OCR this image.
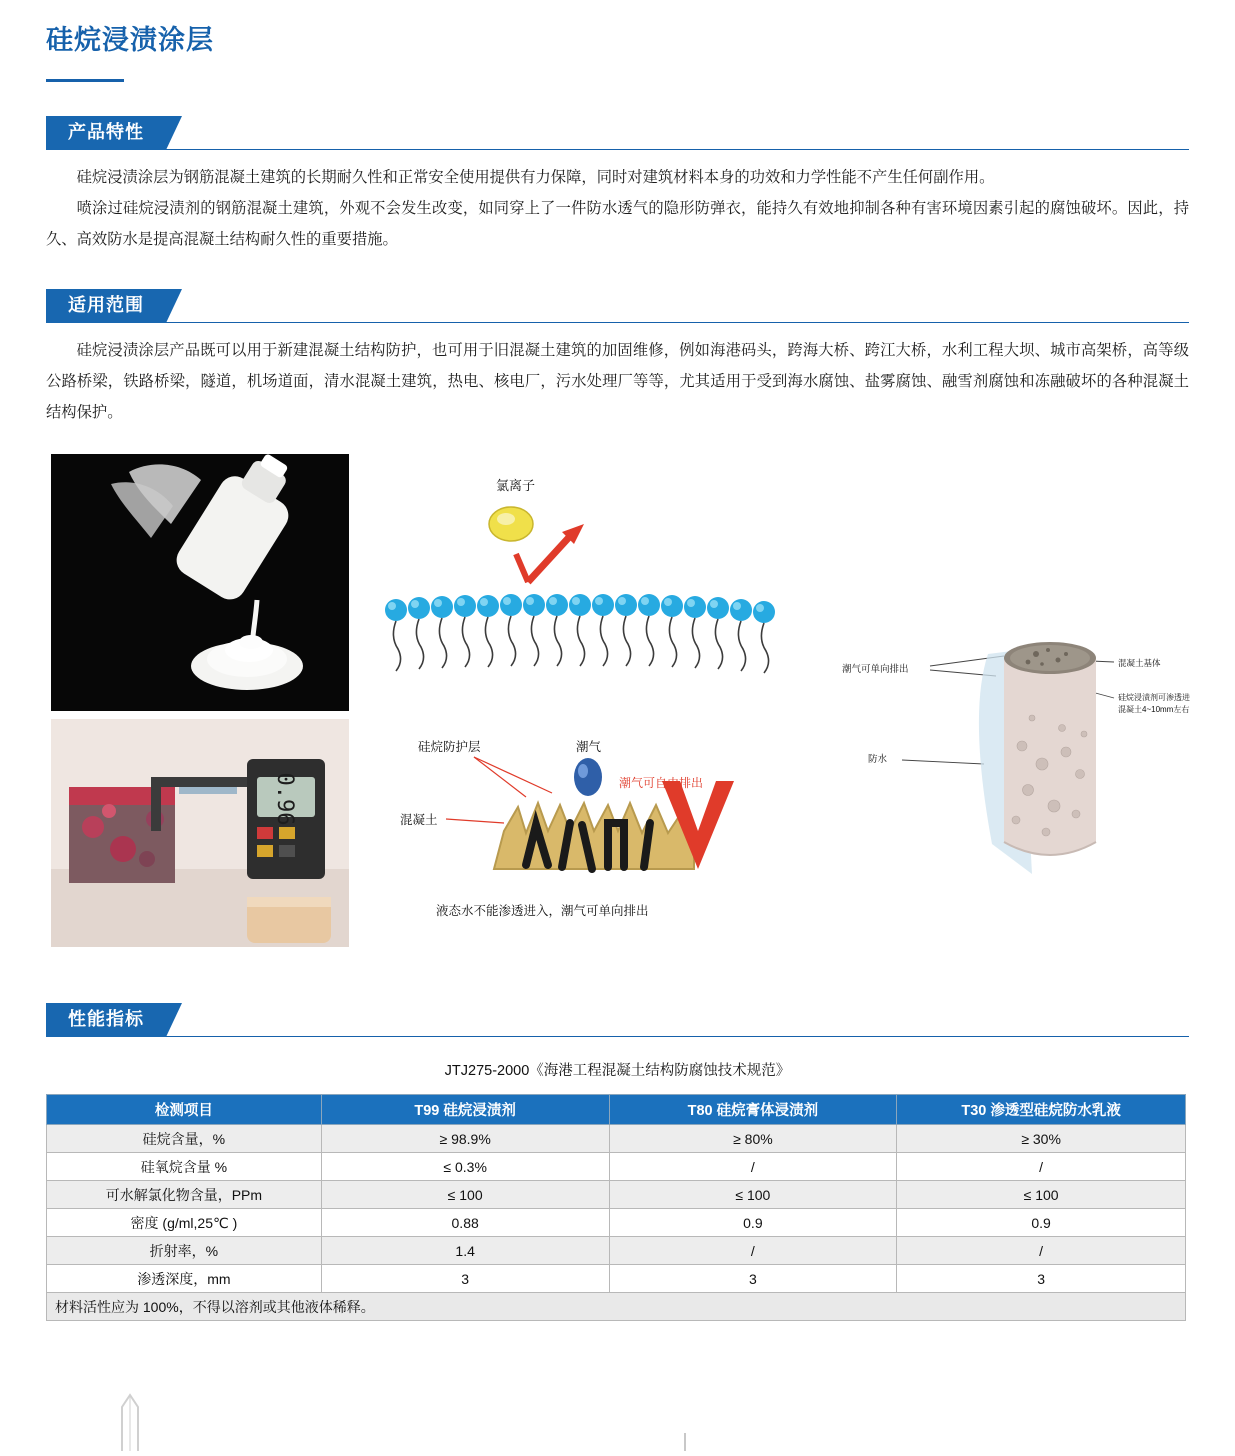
硅烷浸渍涂层
产品特性

硅烷浸渍涂层为钢筋混凝土建筑的长期耐久性和正常安全使用提供有力保障，同时对建筑材料本身的功效和力学性能不产生任何副作用。

喷涂过硅烷浸渍剂的钢筋混凝土建筑，外观不会发生改变，如同穿上了一件防水透气的隐形防弹衣，能持久有效地抑制各种有害环境因素引起的腐蚀破坏。因此，持久、高效防水是提高混凝土结构耐久性的重要措施。

适用范围

硅烷浸渍涂层产品既可以用于新建混凝土结构防护，也可用于旧混凝土建筑的加固维修，例如海港码头，跨海大桥、跨江大桥，水利工程大坝、城市高架桥，高等级公路桥梁，铁路桥梁，隧道，机场道面，清水混凝土建筑，热电、核电厂，污水处理厂等等，尤其适用于受到海水腐蚀、盐雾腐蚀、融雪剂腐蚀和冻融破坏的各种混凝土结构保护。

0.96
氯离子
硅烷防护层
混凝土
潮气
潮气可自由排出
液态水不能渗透进入，潮气可单向排出
潮气可单向排出
防水
混凝土基体
硅烷浸渍剂可渗透进
混凝土4~10mm左右
性能指标
JTJ275-2000《海港工程混凝土结构防腐蚀技术规范》
检测项目	T99 硅烷浸渍剂	T80 硅烷膏体浸渍剂	T30 渗透型硅烷防水乳液
硅烷含量，%	≥ 98.9%	≥ 80%	≥ 30%
硅氧烷含量 %	≤ 0.3%	/	/
可水解氯化物含量，PPm	≤ 100	≤ 100	≤ 100
密度 (g/ml,25℃ )	0.88	0.9	0.9
折射率，%	1.4	/	/
渗透深度，mm	3	3	3
材料活性应为 100%，不得以溶剂或其他液体稀释。			
